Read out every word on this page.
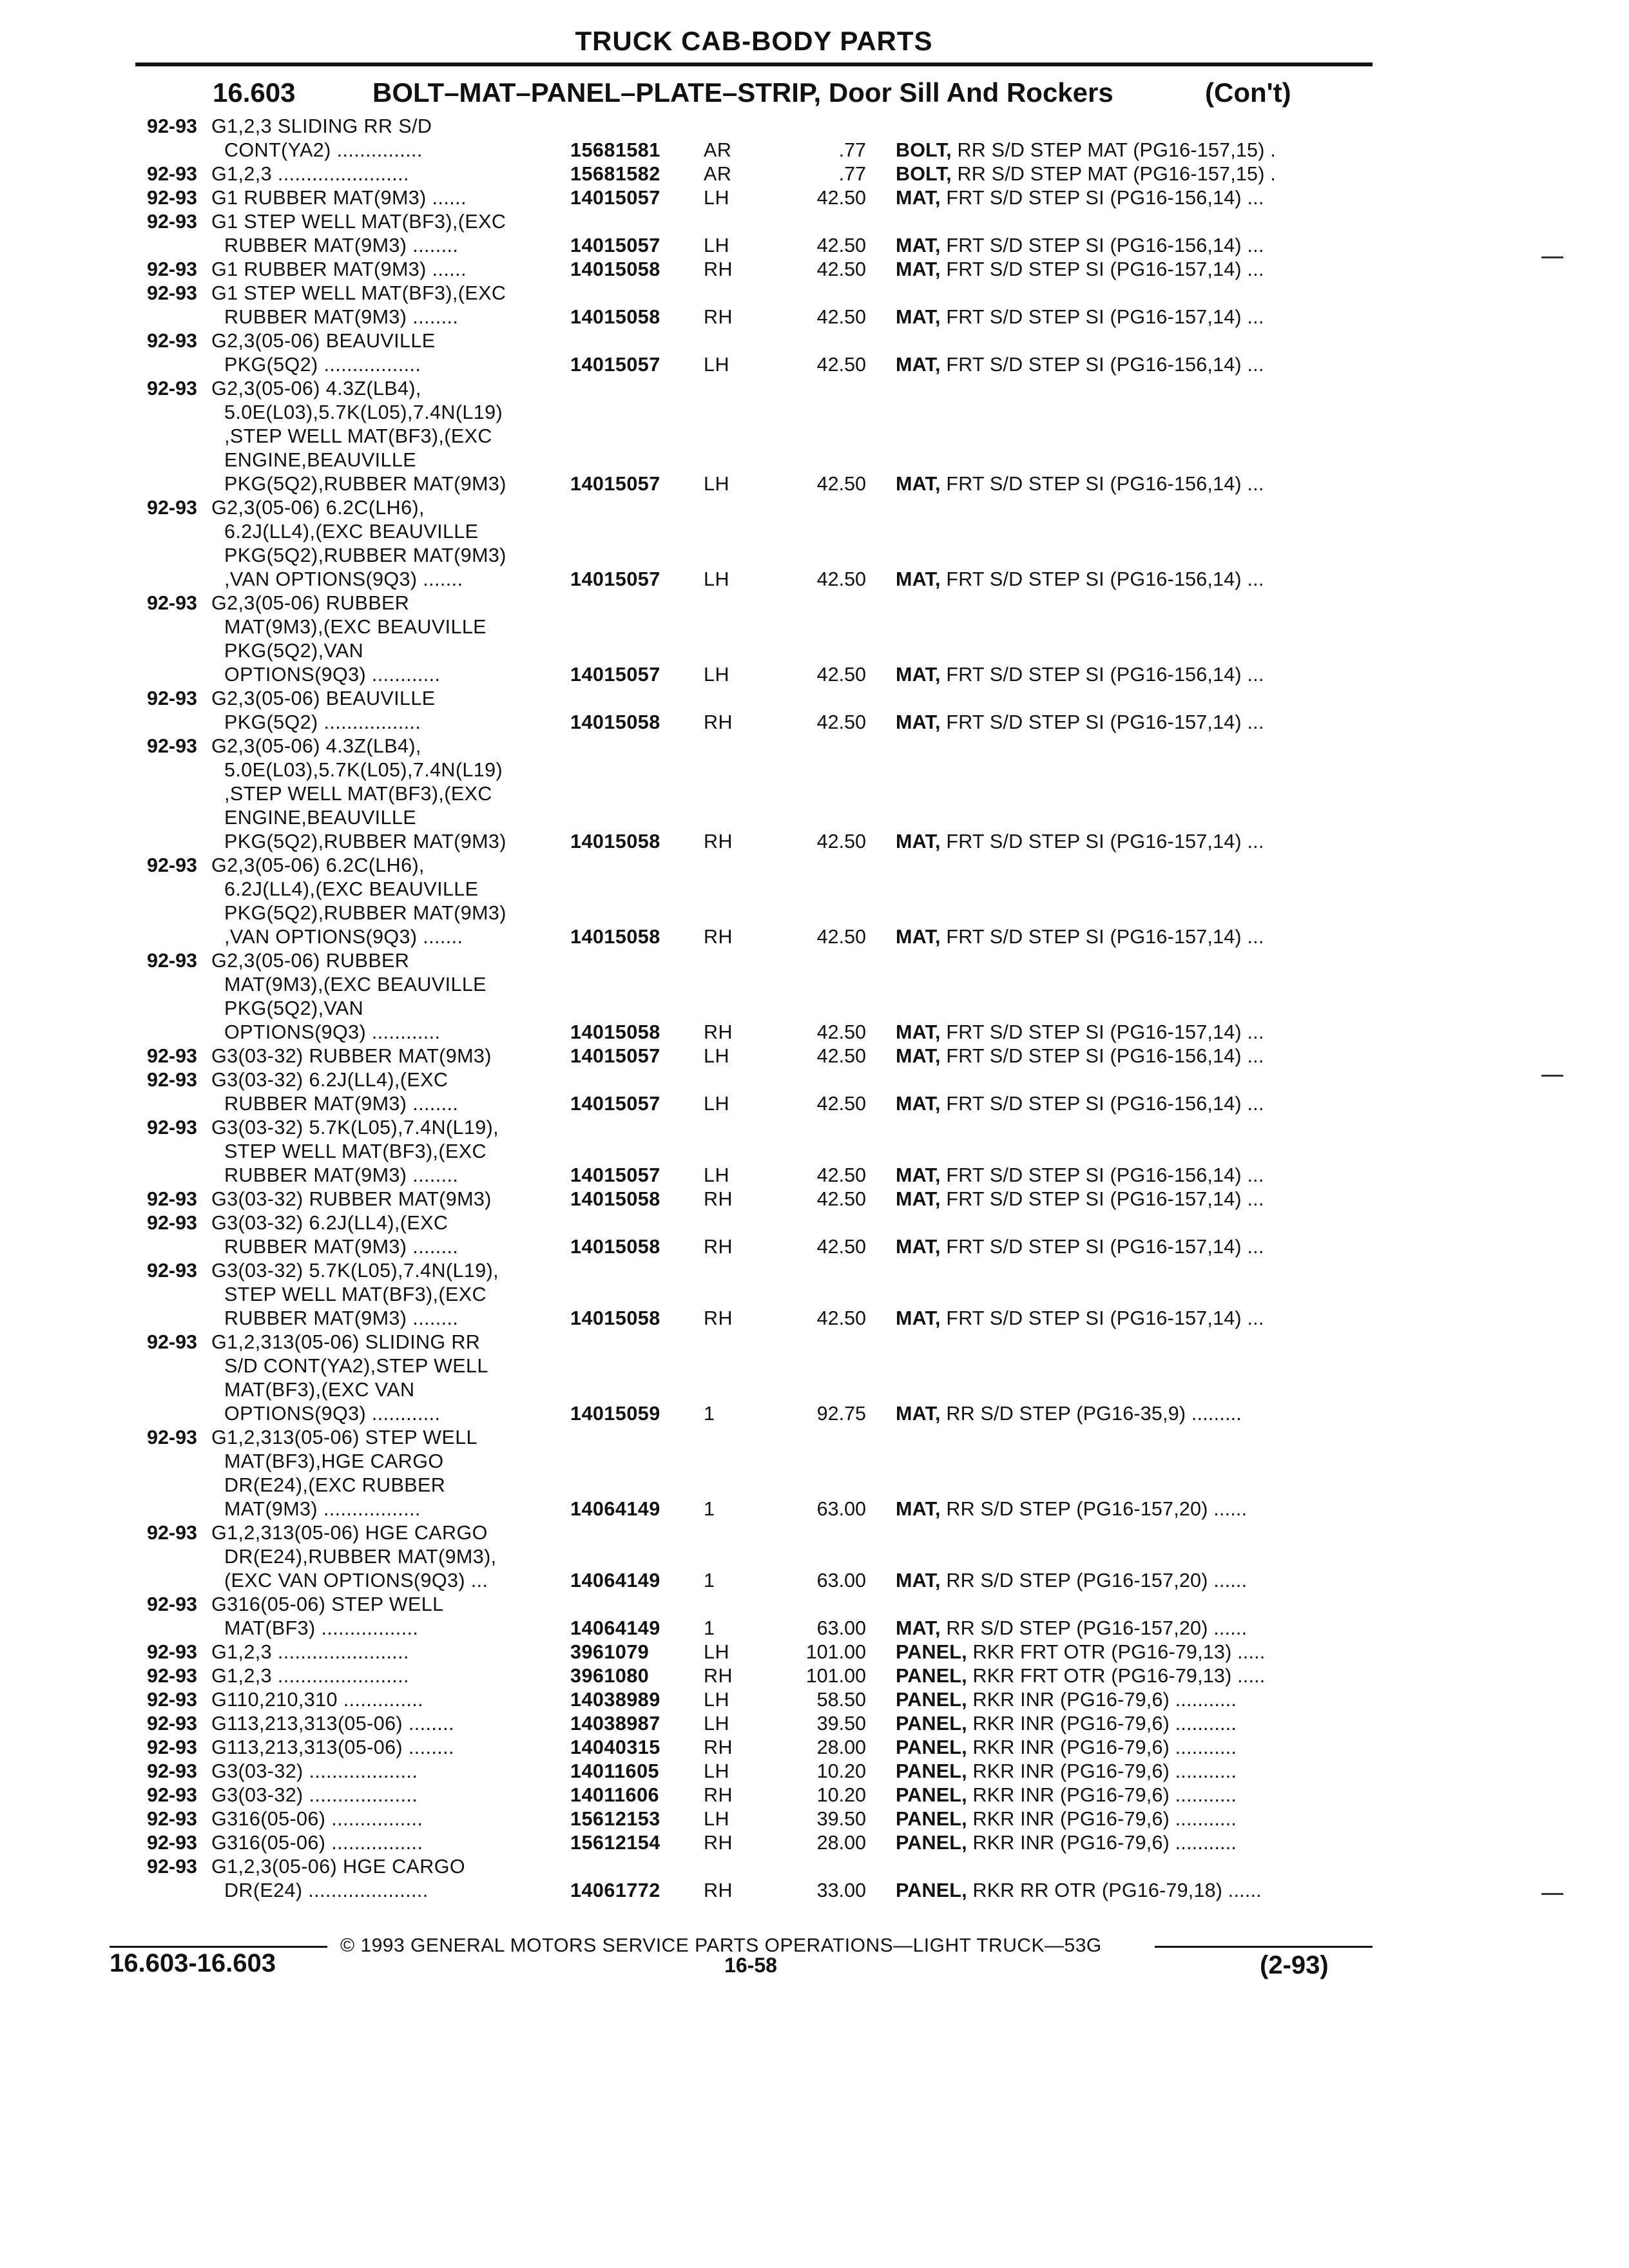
TRUCK CAB-BODY PARTS
16.603	BOLT–MAT–PANEL–PLATE–STRIP, Door Sill And Rockers	(Con't)
92-93 G1,2,3 SLIDING RR S/D
CONT(YA2) ...............	15681581 AR	.77 BOLT, RR S/D STEP MAT (PG16-157,15) .
92-93 G1,2,3 .......................	15681582 AR	.77 BOLT, RR S/D STEP MAT (PG16-157,15) .
92-93 G1 RUBBER MAT(9M3) ......	14015057 LH	42.50 MAT, FRT S/D STEP SI (PG16-156,14) ...
92-93 G1 STEP WELL MAT(BF3),(EXC
RUBBER MAT(9M3) ........	14015057 LH	42.50 MAT, FRT S/D STEP SI (PG16-156,14) ...
92-93 G1 RUBBER MAT(9M3) ......	14015058 RH	42.50 MAT, FRT S/D STEP SI (PG16-157,14) ...
92-93 G1 STEP WELL MAT(BF3),(EXC
RUBBER MAT(9M3) ........	14015058 RH	42.50 MAT, FRT S/D STEP SI (PG16-157,14) ...
92-93 G2,3(05-06) BEAUVILLE
PKG(5Q2) .................	14015057 LH	42.50 MAT, FRT S/D STEP SI (PG16-156,14) ...
92-93 G2,3(05-06) 4.3Z(LB4),
5.0E(L03),5.7K(L05),7.4N(L19)
,STEP WELL MAT(BF3),(EXC
ENGINE,BEAUVILLE
PKG(5Q2),RUBBER MAT(9M3)	14015057 LH	42.50 MAT, FRT S/D STEP SI (PG16-156,14) ...
92-93 G2,3(05-06) 6.2C(LH6),
6.2J(LL4),(EXC BEAUVILLE
PKG(5Q2),RUBBER MAT(9M3)
,VAN OPTIONS(9Q3) .......	14015057 LH	42.50 MAT, FRT S/D STEP SI (PG16-156,14) ...
92-93 G2,3(05-06) RUBBER
MAT(9M3),(EXC BEAUVILLE
PKG(5Q2),VAN
OPTIONS(9Q3) ............	14015057 LH	42.50 MAT, FRT S/D STEP SI (PG16-156,14) ...
92-93 G2,3(05-06) BEAUVILLE
PKG(5Q2) .................	14015058 RH	42.50 MAT, FRT S/D STEP SI (PG16-157,14) ...
92-93 G2,3(05-06) 4.3Z(LB4),
5.0E(L03),5.7K(L05),7.4N(L19)
,STEP WELL MAT(BF3),(EXC
ENGINE,BEAUVILLE
PKG(5Q2),RUBBER MAT(9M3)	14015058 RH	42.50 MAT, FRT S/D STEP SI (PG16-157,14) ...
92-93 G2,3(05-06) 6.2C(LH6),
6.2J(LL4),(EXC BEAUVILLE
PKG(5Q2),RUBBER MAT(9M3)
,VAN OPTIONS(9Q3) .......	14015058 RH	42.50 MAT, FRT S/D STEP SI (PG16-157,14) ...
92-93 G2,3(05-06) RUBBER
MAT(9M3),(EXC BEAUVILLE
PKG(5Q2),VAN
OPTIONS(9Q3) ............	14015058 RH	42.50 MAT, FRT S/D STEP SI (PG16-157,14) ...
92-93 G3(03-32) RUBBER MAT(9M3)	14015057 LH	42.50 MAT, FRT S/D STEP SI (PG16-156,14) ...
92-93 G3(03-32) 6.2J(LL4),(EXC
RUBBER MAT(9M3) ........	14015057 LH	42.50 MAT, FRT S/D STEP SI (PG16-156,14) ...
92-93 G3(03-32) 5.7K(L05),7.4N(L19),
STEP WELL MAT(BF3),(EXC
RUBBER MAT(9M3) ........	14015057 LH	42.50 MAT, FRT S/D STEP SI (PG16-156,14) ...
92-93 G3(03-32) RUBBER MAT(9M3)	14015058 RH	42.50 MAT, FRT S/D STEP SI (PG16-157,14) ...
92-93 G3(03-32) 6.2J(LL4),(EXC
RUBBER MAT(9M3) ........	14015058 RH	42.50 MAT, FRT S/D STEP SI (PG16-157,14) ...
92-93 G3(03-32) 5.7K(L05),7.4N(L19),
STEP WELL MAT(BF3),(EXC
RUBBER MAT(9M3) ........	14015058 RH	42.50 MAT, FRT S/D STEP SI (PG16-157,14) ...
92-93 G1,2,313(05-06) SLIDING RR
S/D CONT(YA2),STEP WELL
MAT(BF3),(EXC VAN
OPTIONS(9Q3) ............	14015059 1	92.75 MAT, RR S/D STEP (PG16-35,9) .........
92-93 G1,2,313(05-06) STEP WELL
MAT(BF3),HGE CARGO
DR(E24),(EXC RUBBER
MAT(9M3) .................	14064149 1	63.00 MAT, RR S/D STEP (PG16-157,20) ......
92-93 G1,2,313(05-06) HGE CARGO
DR(E24),RUBBER MAT(9M3),
(EXC VAN OPTIONS(9Q3) ...	14064149 1	63.00 MAT, RR S/D STEP (PG16-157,20) ......
92-93 G316(05-06) STEP WELL
MAT(BF3) .................	14064149 1	63.00 MAT, RR S/D STEP (PG16-157,20) ......
92-93 G1,2,3 .......................	3961079	LH	101.00 PANEL, RKR FRT OTR (PG16-79,13) .....
92-93 G1,2,3 .......................	3961080	RH	101.00 PANEL, RKR FRT OTR (PG16-79,13) .....
92-93 G110,210,310 ..............	14038989 LH	58.50 PANEL, RKR INR (PG16-79,6) ...........
92-93 G113,213,313(05-06) ........	14038987 LH	39.50 PANEL, RKR INR (PG16-79,6) ...........
92-93 G113,213,313(05-06) ........	14040315 RH	28.00 PANEL, RKR INR (PG16-79,6) ...........
92-93 G3(03-32) ...................	14011605 LH	10.20 PANEL, RKR INR (PG16-79,6) ...........
92-93 G3(03-32) ...................	14011606 RH	10.20 PANEL, RKR INR (PG16-79,6) ...........
92-93 G316(05-06) ................	15612153 LH	39.50 PANEL, RKR INR (PG16-79,6) ...........
92-93 G316(05-06) ................	15612154 RH	28.00 PANEL, RKR INR (PG16-79,6) ...........
92-93 G1,2,3(05-06) HGE CARGO
DR(E24) .....................	14061772 RH	33.00 PANEL, RKR RR OTR (PG16-79,18) ......
© 1993 GENERAL MOTORS SERVICE PARTS OPERATIONS—LIGHT TRUCK—53G
16.603-16.603	16-58	(2-93)
